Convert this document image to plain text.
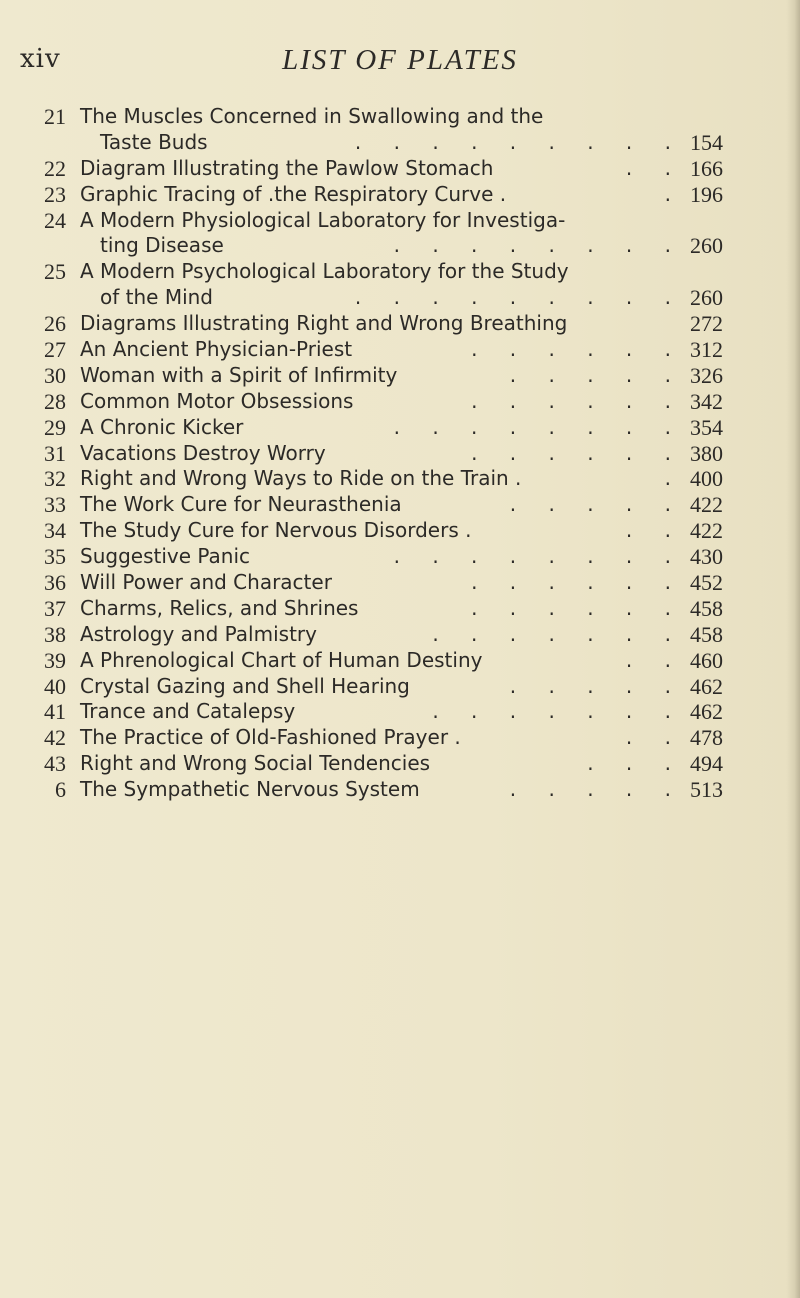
xiv	LIST OF PLATES
21 The Muscles Concerned in Swallowing and the
Taste Buds	. . . . . . . . . 154
22 Diagram Illustrating the Pawlow Stomach	. . 166
23 Graphic Tracing of .the Respiratory Curve .	. 196
24 A Modern Physiological Laboratory for Investiga-
ting Disease	. . . . . . . . 260
25 A Modern Psychological Laboratory for the Study
of the Mind	. . . . . . . . . 260
26 Diagrams Illustrating Right and Wrong Breathing	272
27 An Ancient Physician-Priest	. . . . . . 312
30 Woman with a Spirit of Infirmity	. . . . . 326
28 Common Motor Obsessions	. . . . . . 342
29 A Chronic Kicker	. . . . . . . . 354
31 Vacations Destroy Worry	. . . . . . 380
32 Right and Wrong Ways to Ride on the Train .	. 400
33 The Work Cure for Neurasthenia	. . . . . 422
34 The Study Cure for Nervous Disorders .	. . 422
35 Suggestive Panic	. . . . . . . . 430
36 Will Power and Character	. . . . . . 452
37 Charms, Relics, and Shrines	. . . . . . 458
38 Astrology and Palmistry	. . . . . . . 458
39 A Phrenological Chart of Human Destiny	. . 460
40 Crystal Gazing and Shell Hearing	. . . . . 462
41 Trance and Catalepsy	. . . . . . . 462
42 The Practice of Old-Fashioned Prayer .	. . 478
43 Right and Wrong Social Tendencies	. . . 494
6 The Sympathetic Nervous System	. . . . . 513
